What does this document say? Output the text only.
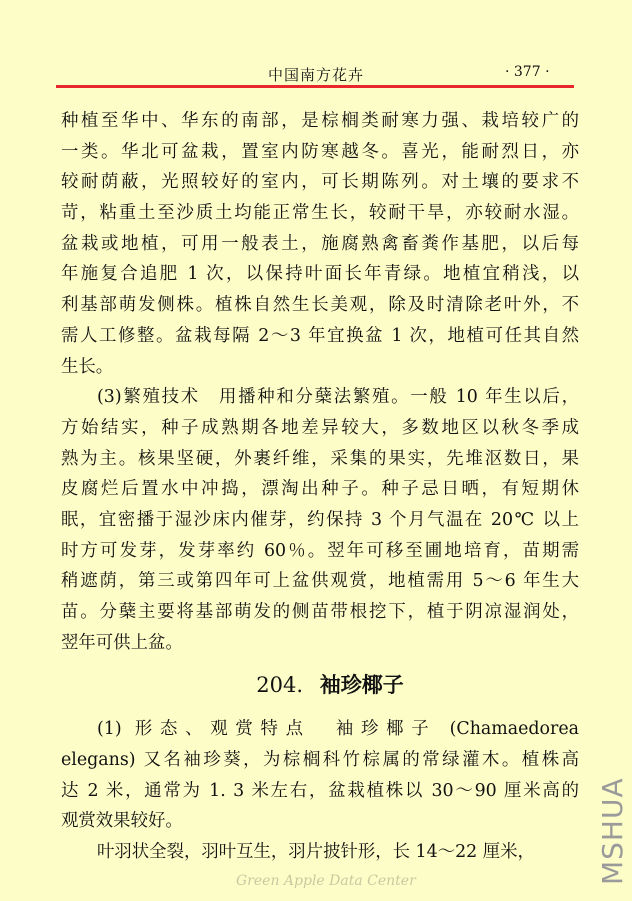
中国南方花卉	· 377 ·
种植至华中、华东的南部，是棕榈类耐寒力强、栽培较广的
一类。华北可盆栽，置室内防寒越冬。喜光，能耐烈日，亦
较耐荫蔽，光照较好的室内，可长期陈列。对土壤的要求不
苛，粘重土至沙质土均能正常生长，较耐干旱，亦较耐水湿。
盆栽或地植，可用一般表土，施腐熟禽畜粪作基肥，以后每
年施复合追肥 1 次，以保持叶面长年青绿。地植宜稍浅，以
利基部萌发侧株。植株自然生长美观，除及时清除老叶外，不
需人工修整。盆栽每隔 2～3 年宜换盆 1 次，地植可任其自然
生长。
(3)繁殖技术　用播种和分蘖法繁殖。一般 10 年生以后，
方始结实，种子成熟期各地差异较大，多数地区以秋冬季成
熟为主。核果坚硬，外裹纤维，采集的果实，先堆沤数日，果
皮腐烂后置水中冲捣，漂淘出种子。种子忌日晒，有短期休
眠，宜密播于湿沙床内催芽，约保持 3 个月气温在 20℃ 以上
时方可发芽，发芽率约 60％。翌年可移至圃地培育，苗期需
稍遮荫，第三或第四年可上盆供观赏，地植需用 5～6 年生大
苗。分蘖主要将基部萌发的侧苗带根挖下，植于阴凉湿润处，
翌年可供上盆。
204. 袖珍椰子
(1) 形态、观赏特点　袖珍椰子 (Chamaedorea
elegans) 又名袖珍葵，为棕榈科竹棕属的常绿灌木。植株高
达 2 米，通常为 1. 3 米左右，盆栽植株以 30～90 厘米高的
观赏效果较好。
叶羽状全裂，羽叶互生，羽片披针形，长 14～22 厘米，	MSHUA
Green Apple Data Center
